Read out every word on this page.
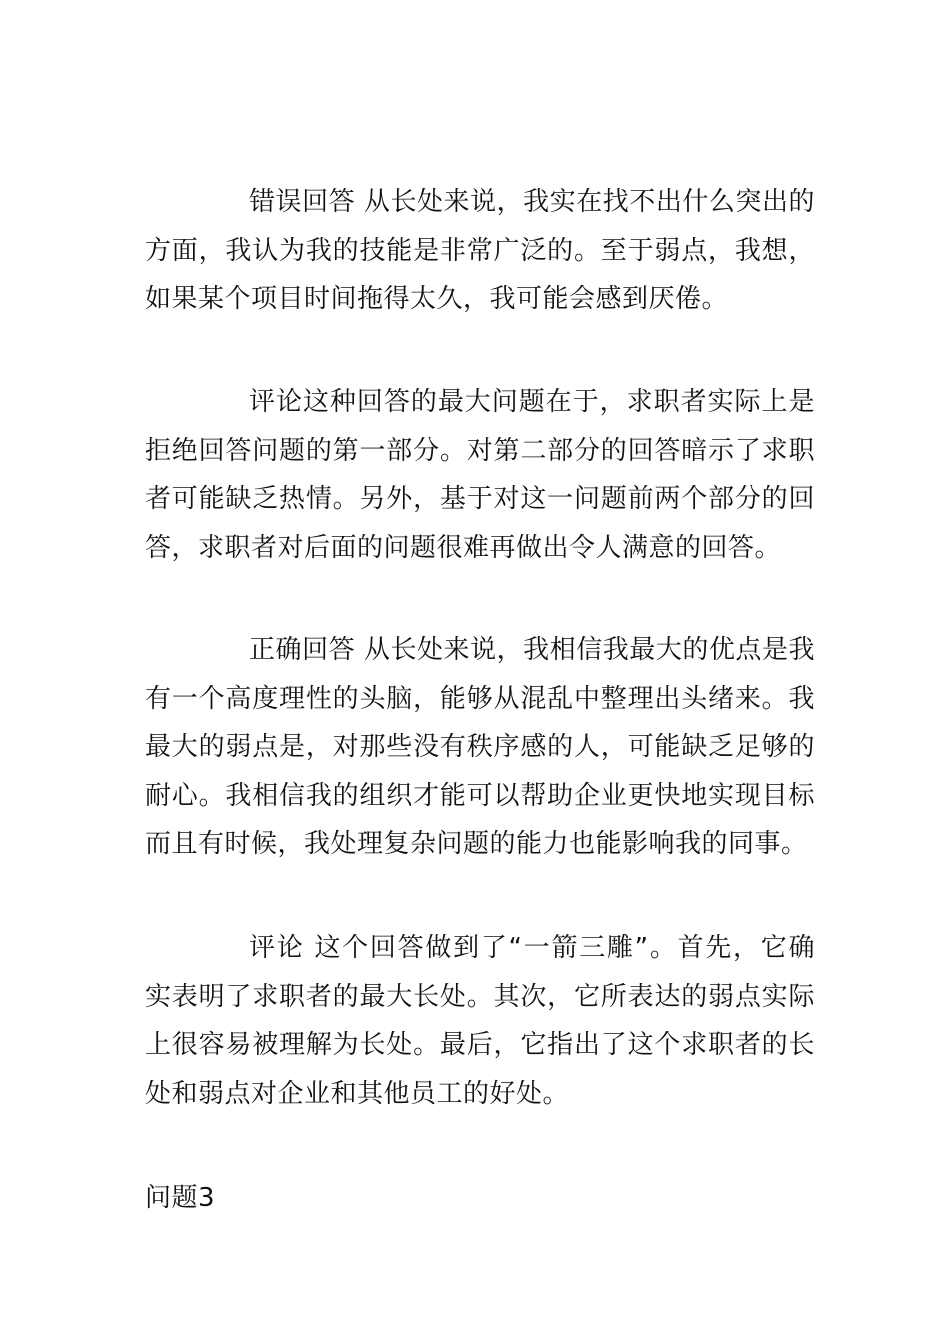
错误回答 从长处来说，我实在找不出什么突出的方面，我认为我的技能是非常广泛的。至于弱点，我想，如果某个项目时间拖得太久，我可能会感到厌倦。

评论这种回答的最大问题在于，求职者实际上是拒绝回答问题的第一部分。对第二部分的回答暗示了求职者可能缺乏热情。另外，基于对这一问题前两个部分的回答，求职者对后面的问题很难再做出令人满意的回答。

正确回答 从长处来说，我相信我最大的优点是我有一个高度理性的头脑，能够从混乱中整理出头绪来。我最大的弱点是，对那些没有秩序感的人，可能缺乏足够的耐心。我相信我的组织才能可以帮助企业更快地实现目标而且有时候，我处理复杂问题的能力也能影响我的同事。

评论 这个回答做到了“一箭三雕”。首先，它确实表明了求职者的最大长处。其次，它所表达的弱点实际上很容易被理解为长处。最后，它指出了这个求职者的长处和弱点对企业和其他员工的好处。

问题3
